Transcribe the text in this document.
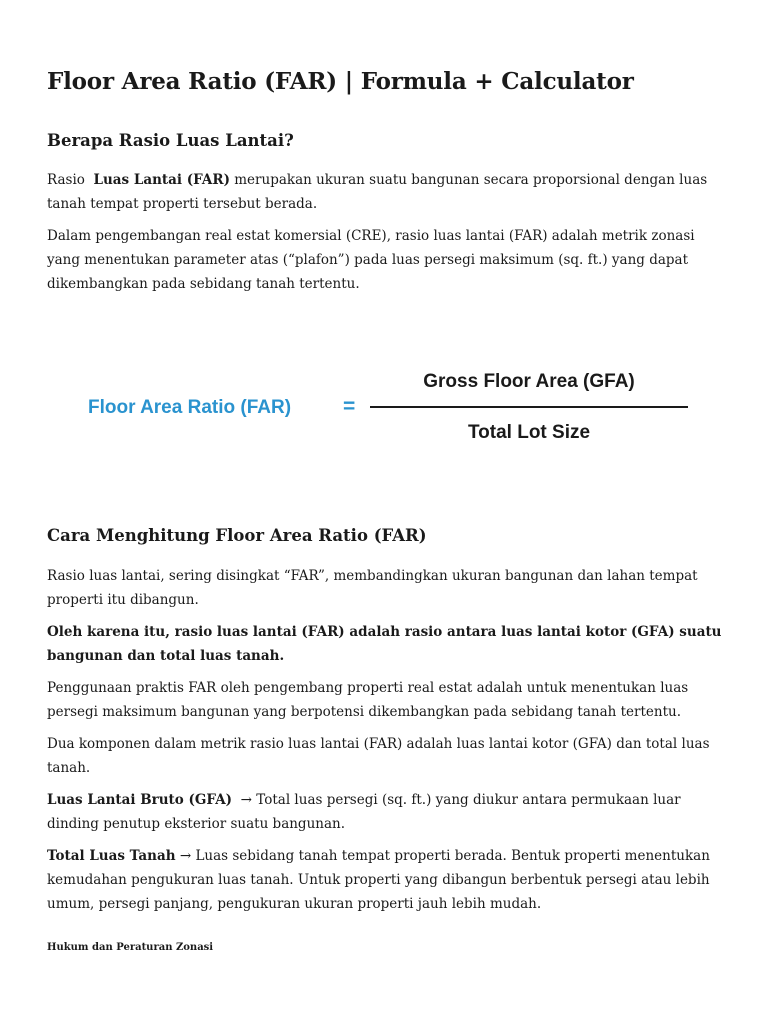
Floor Area Ratio (FAR) | Formula + Calculator
Berapa Rasio Luas Lantai?

Rasio  Luas Lantai (FAR) merupakan ukuran suatu bangunan secara proporsional dengan luas tanah tempat properti tersebut berada.

Dalam pengembangan real estat komersial (CRE), rasio luas lantai (FAR) adalah metrik zonasi yang menentukan parameter atas (“plafon”) pada luas persegi maksimum (sq. ft.) yang dapat dikembangkan pada sebidang tanah tertentu.

Floor Area Ratio (FAR) =
Gross Floor Area (GFA)
Total Lot Size
Cara Menghitung Floor Area Ratio (FAR)

Rasio luas lantai, sering disingkat “FAR”, membandingkan ukuran bangunan dan lahan tempat properti itu dibangun.

Oleh karena itu, rasio luas lantai (FAR) adalah rasio antara luas lantai kotor (GFA) suatu bangunan dan total luas tanah.

Penggunaan praktis FAR oleh pengembang properti real estat adalah untuk menentukan luas persegi maksimum bangunan yang berpotensi dikembangkan pada sebidang tanah tertentu.

Dua komponen dalam metrik rasio luas lantai (FAR) adalah luas lantai kotor (GFA) dan total luas tanah.

Luas Lantai Bruto (GFA)  → Total luas persegi (sq. ft.) yang diukur antara permukaan luar dinding penutup eksterior suatu bangunan.

Total Luas Tanah → Luas sebidang tanah tempat properti berada. Bentuk properti menentukan kemudahan pengukuran luas tanah. Untuk properti yang dibangun berbentuk persegi atau lebih umum, persegi panjang, pengukuran ukuran properti jauh lebih mudah.

Hukum dan Peraturan Zonasi
